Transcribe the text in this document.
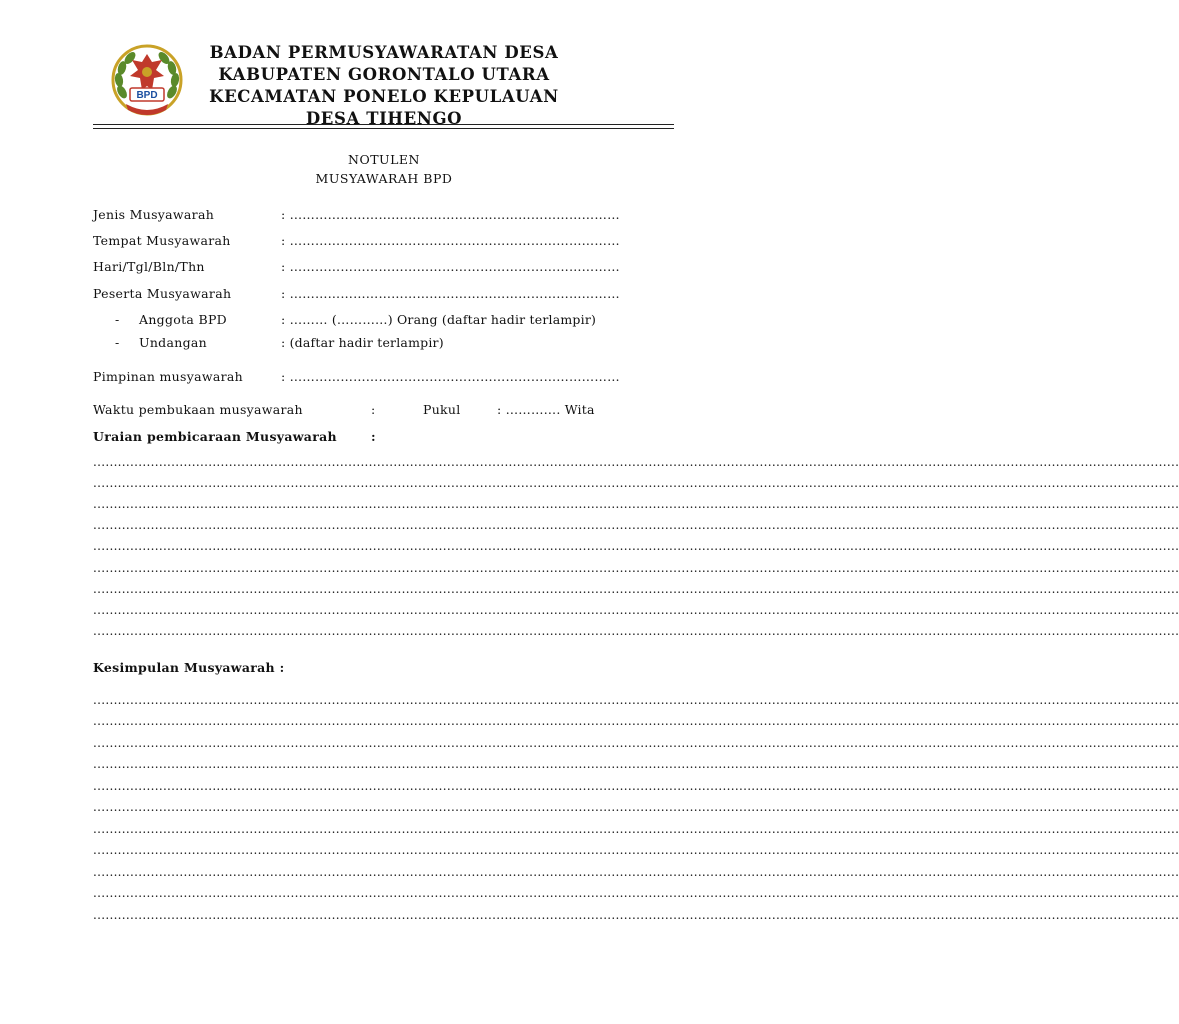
BPD
BADAN PERMUSYAWARATAN DESA
KABUPATEN GORONTALO UTARA
KECAMATAN PONELO KEPULAUAN
DESA TIHENGO
NOTULEN
MUSYAWARAH BPD
Jenis Musyawarah	: ……………………………………………………………………
Tempat Musyawarah	: ……………………………………………………………………
Hari/Tgl/Bln/Thn	: ……………………………………………………………………
Peserta Musyawarah	: ……………………………………………………………………
- Anggota BPD	: ……… (…………) Orang (daftar hadir terlampir)
- Undangan	: (daftar hadir terlampir)
Pimpinan musyawarah	: ……………………………………………………………………
Waktu pembukaan musyawarah	:	Pukul	: …………. Wita
Uraian pembicaraan Musyawarah	:
........................................................................................................................................................................................................................................................................
........................................................................................................................................................................................................................................................................
........................................................................................................................................................................................................................................................................
........................................................................................................................................................................................................................................................................
........................................................................................................................................................................................................................................................................
........................................................................................................................................................................................................................................................................
........................................................................................................................................................................................................................................................................
........................................................................................................................................................................................................................................................................
........................................................................................................................................................................................................................................................................
Kesimpulan Musyawarah :
........................................................................................................................................................................................................................................................................
........................................................................................................................................................................................................................................................................
........................................................................................................................................................................................................................................................................
........................................................................................................................................................................................................................................................................
........................................................................................................................................................................................................................................................................
........................................................................................................................................................................................................................................................................
........................................................................................................................................................................................................................................................................
........................................................................................................................................................................................................................................................................
........................................................................................................................................................................................................................................................................
........................................................................................................................................................................................................................................................................
........................................................................................................................................................................................................................................................................
